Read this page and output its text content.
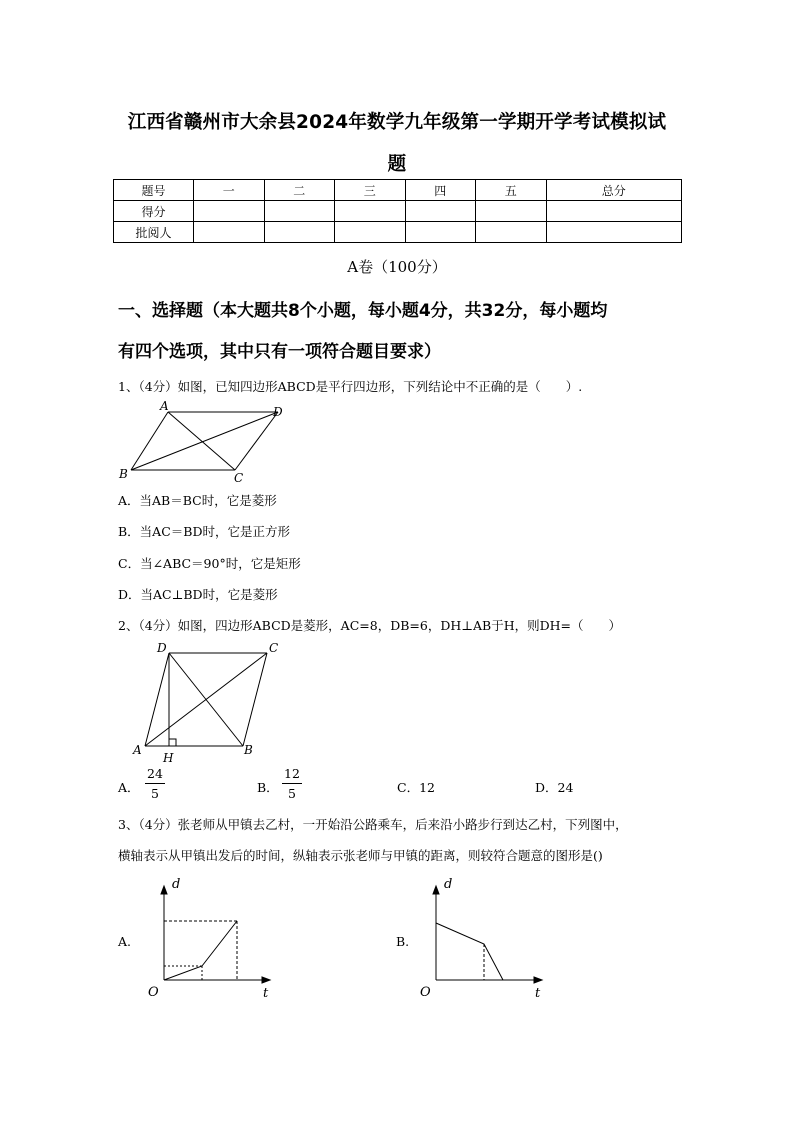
江西省赣州市大余县2024年数学九年级第一学期开学考试模拟试
题
题号	一	二	三	四	五	总分
得分						
批阅人						
A卷（100分）
一、选择题（本大题共8个小题，每小题4分，共32分，每小题均
有四个选项，其中只有一项符合题目要求）
1、（4分）如图，已知四边形ABCD是平行四边形，下列结论中不正确的是（　　）.
A	D
B	C
A．当AB＝BC时，它是菱形
B．当AC＝BD时，它是正方形
C．当∠ABC＝90°时，它是矩形
D．当AC⊥BD时，它是菱形
2、（4分）如图，四边形ABCD是菱形，AC=8，DB=6，DH⊥AB于H，则DH=（　　）
D	C
A
H
B
A．
24
5	B．
12
5	C．12	D．24
3、（4分）张老师从甲镇去乙村，一开始沿公路乘车，后来沿小路步行到达乙村，下列图中，
横轴表示从甲镇出发后的时间，纵轴表示张老师与甲镇的距离，则较符合题意的图形是()
A.
d
t
O
B.
d
t
O
